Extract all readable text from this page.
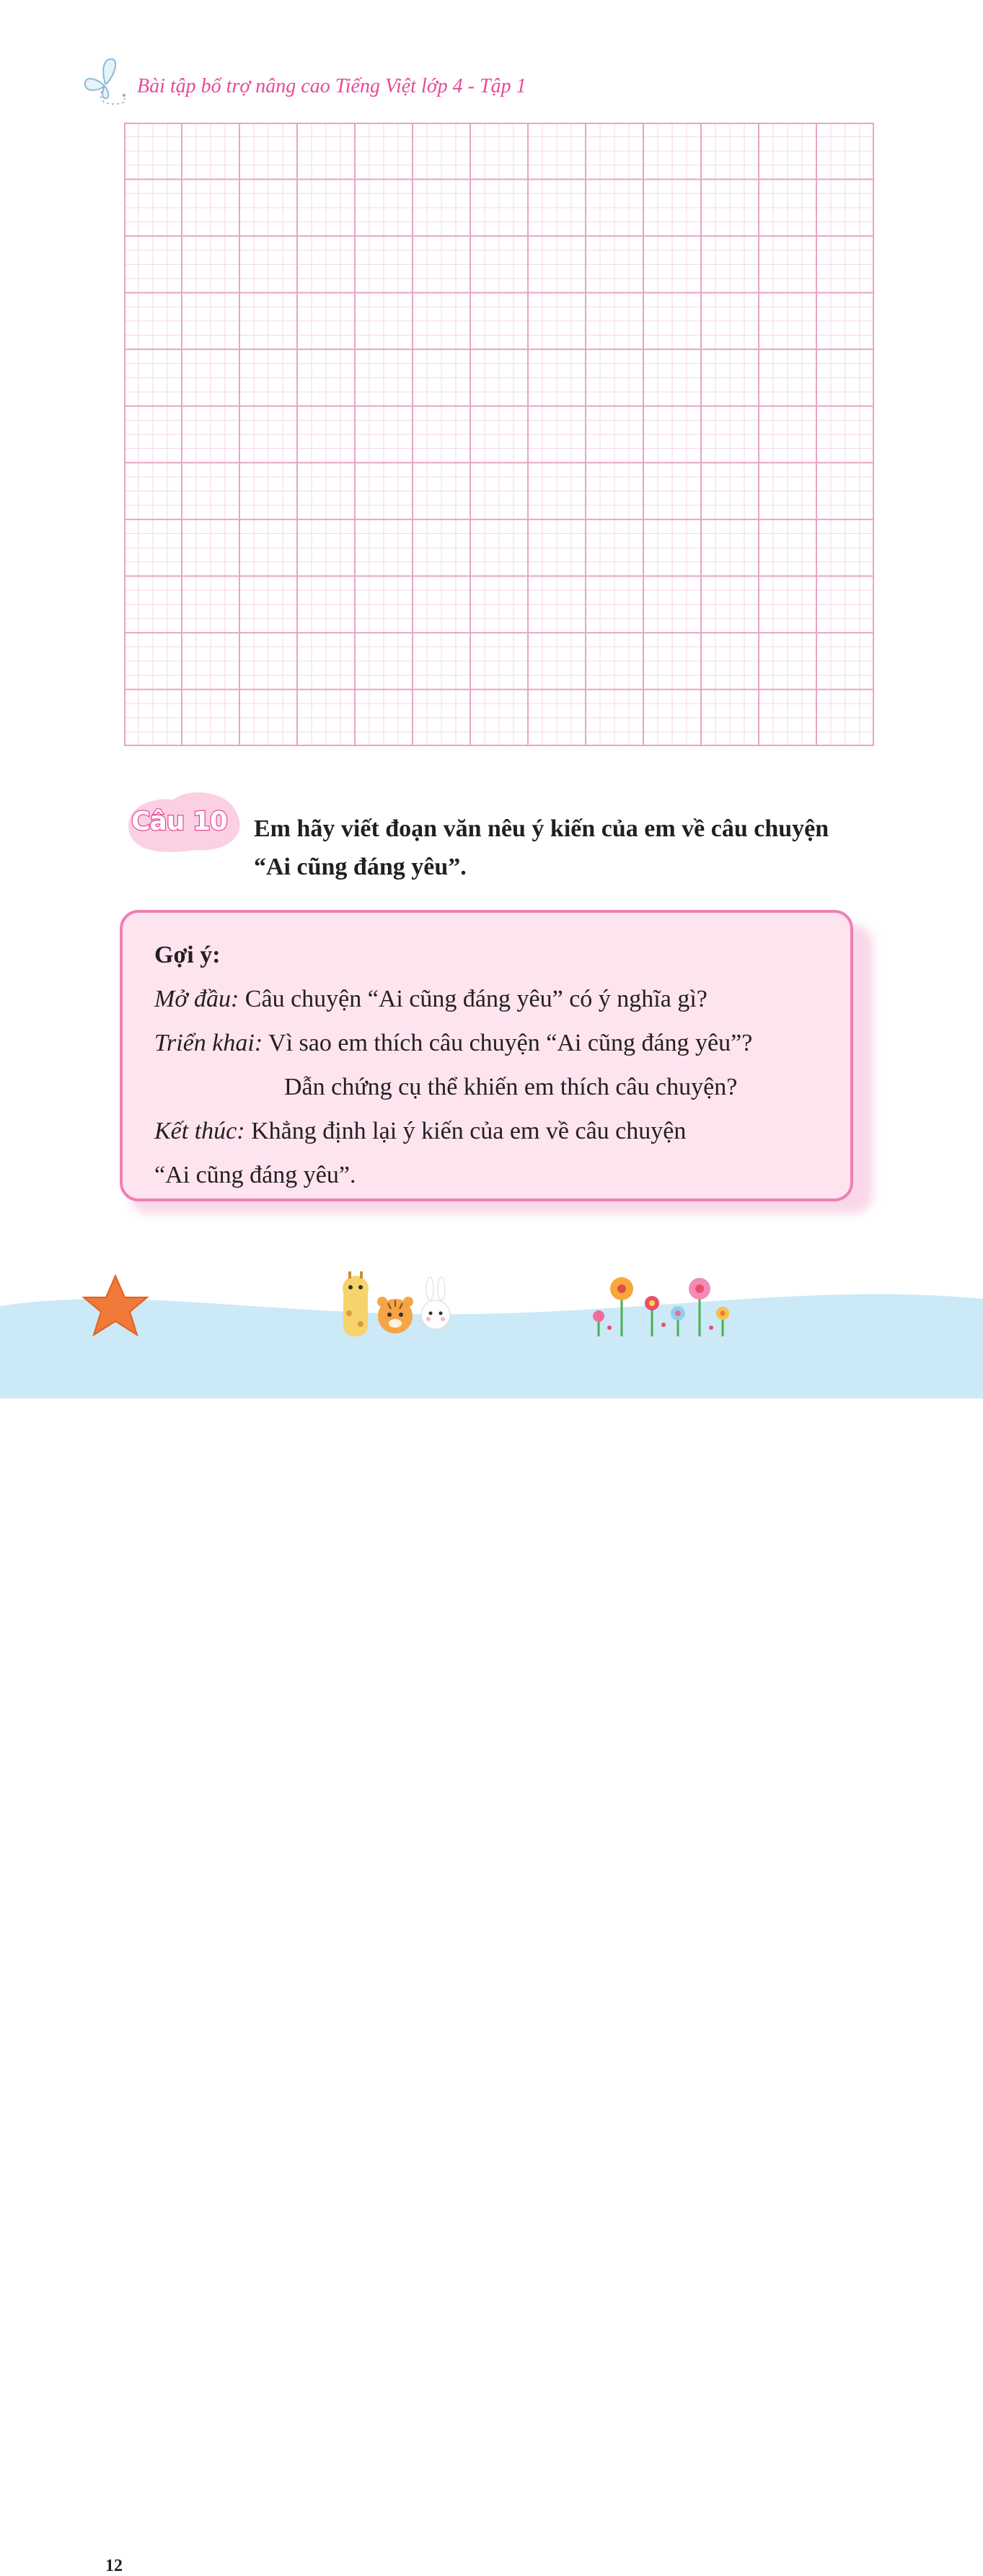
Bài tập bổ trợ nâng cao Tiếng Việt lớp 4 - Tập 1
Câu 10 Em hãy viết đoạn văn nêu ý kiến của em về câu chuyện
“Ai cũng đáng yêu”.
Gợi ý:
Mở đầu: Câu chuyện “Ai cũng đáng yêu” có ý nghĩa gì?
Triển khai: Vì sao em thích câu chuyện “Ai cũng đáng yêu”?
Dẫn chứng cụ thể khiến em thích câu chuyện?
Kết thúc: Khẳng định lại ý kiến của em về câu chuyện
“Ai cũng đáng yêu”.
12
